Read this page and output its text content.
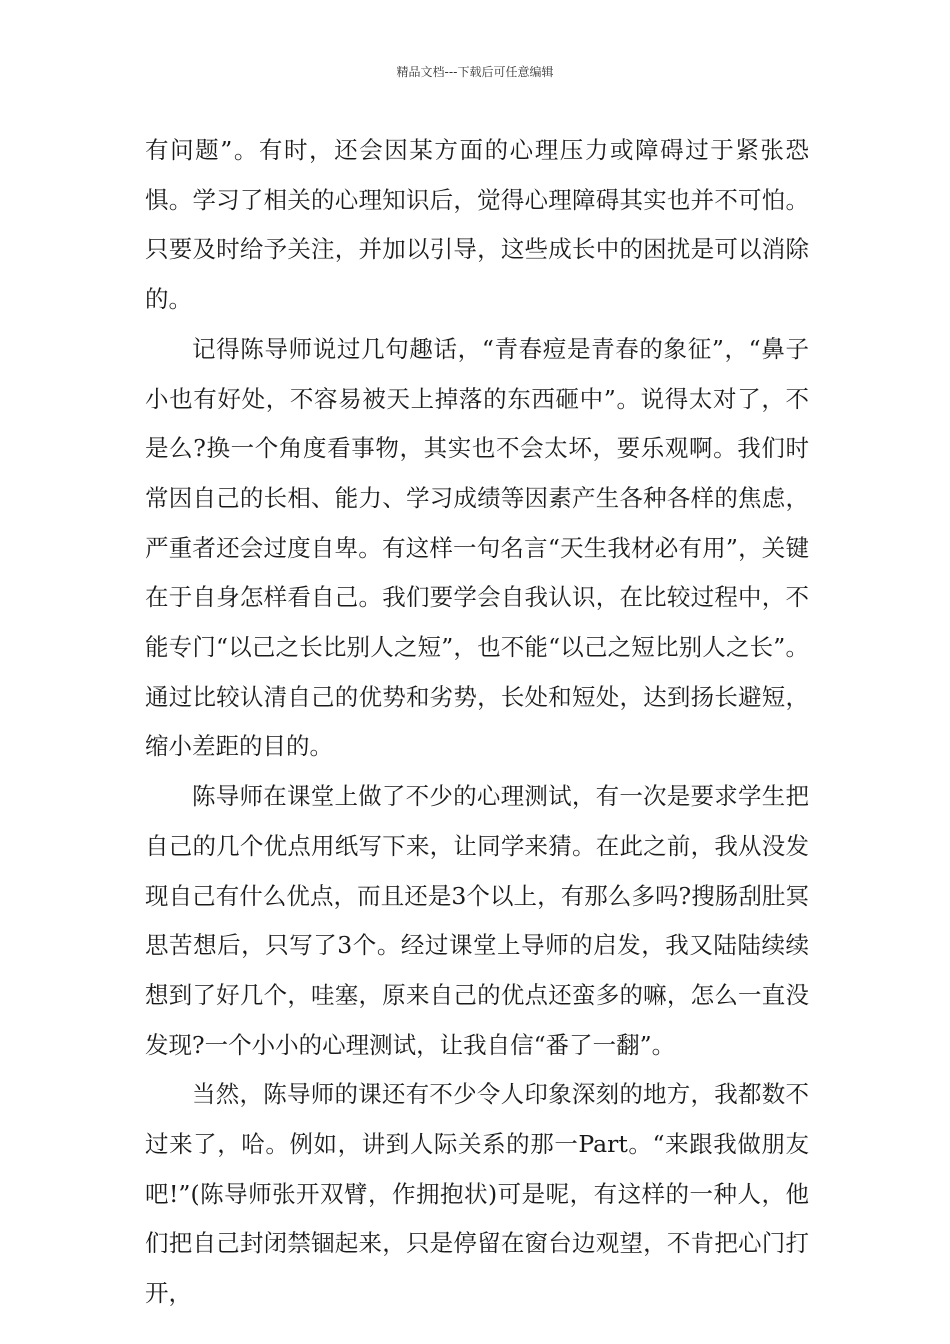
精品文档---下载后可任意编辑

有问题”。有时，还会因某方面的心理压力或障碍过于紧张恐惧。学习了相关的心理知识后，觉得心理障碍其实也并不可怕。只要及时给予关注，并加以引导，这些成长中的困扰是可以消除的。

记得陈导师说过几句趣话，“青春痘是青春的象征”，“鼻子小也有好处，不容易被天上掉落的东西砸中”。说得太对了，不是么?换一个角度看事物，其实也不会太坏，要乐观啊。我们时常因自己的长相、能力、学习成绩等因素产生各种各样的焦虑，严重者还会过度自卑。有这样一句名言“天生我材必有用”，关键在于自身怎样看自己。我们要学会自我认识，在比较过程中，不能专门“以己之长比别人之短”，也不能“以己之短比别人之长”。通过比较认清自己的优势和劣势，长处和短处，达到扬长避短，缩小差距的目的。

陈导师在课堂上做了不少的心理测试，有一次是要求学生把自己的几个优点用纸写下来，让同学来猜。在此之前，我从没发现自己有什么优点，而且还是3个以上，有那么多吗?搜肠刮肚冥思苦想后，只写了3个。经过课堂上导师的启发，我又陆陆续续想到了好几个，哇塞，原来自己的优点还蛮多的嘛，怎么一直没发现?一个小小的心理测试，让我自信“番了一翻”。

当然，陈导师的课还有不少令人印象深刻的地方，我都数不过来了，哈。例如，讲到人际关系的那一Part。“来跟我做朋友吧!”(陈导师张开双臂，作拥抱状)可是呢，有这样的一种人，他们把自己封闭禁锢起来，只是停留在窗台边观望，不肯把心门打开，
